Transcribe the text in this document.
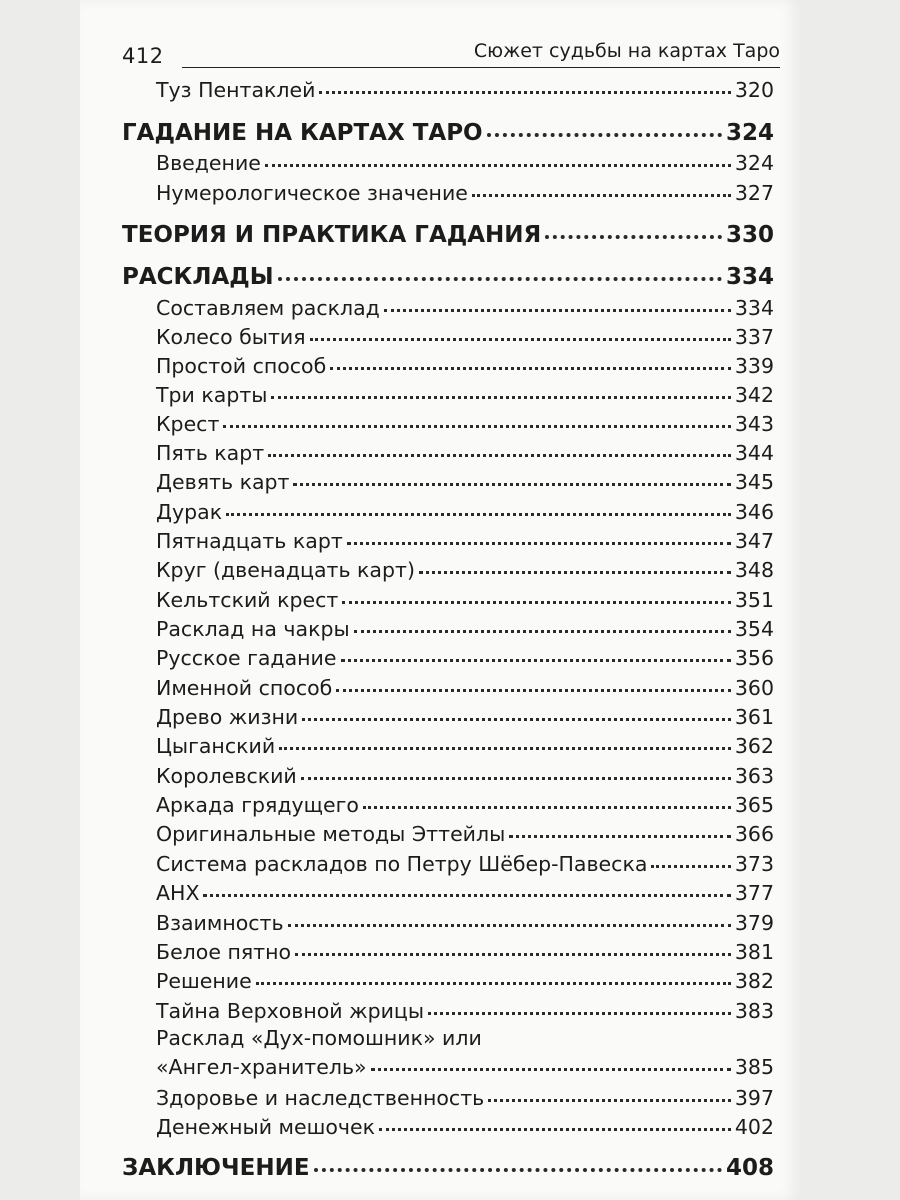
412	Сюжет судьбы на картах Таро
Туз Пентаклей	320
ГАДАНИЕ НА КАРТАХ ТАРО	324
Введение	324
Нумерологическое значение	327
ТЕОРИЯ И ПРАКТИКА ГАДАНИЯ	330
РАСКЛАДЫ	334
Составляем расклад	334
Колесо бытия	337
Простой способ	339
Три карты	342
Крест	343
Пять карт	344
Девять карт	345
Дурак	346
Пятнадцать карт	347
Круг (двенадцать карт)	348
Кельтский крест	351
Расклад на чакры	354
Русское гадание	356
Именной способ	360
Древо жизни	361
Цыганский	362
Королевский	363
Аркада грядущего	365
Оригинальные методы Эттейлы	366
Система раскладов по Петру Шёбер-Павеска	373
АНХ	377
Взаимность	379
Белое пятно	381
Решение	382
Тайна Верховной жрицы	383
Расклад «Дух-помошник» или
«Ангел-хранитель»	385
Здоровье и наследственность	397
Денежный мешочек	402
ЗАКЛЮЧЕНИЕ	408
